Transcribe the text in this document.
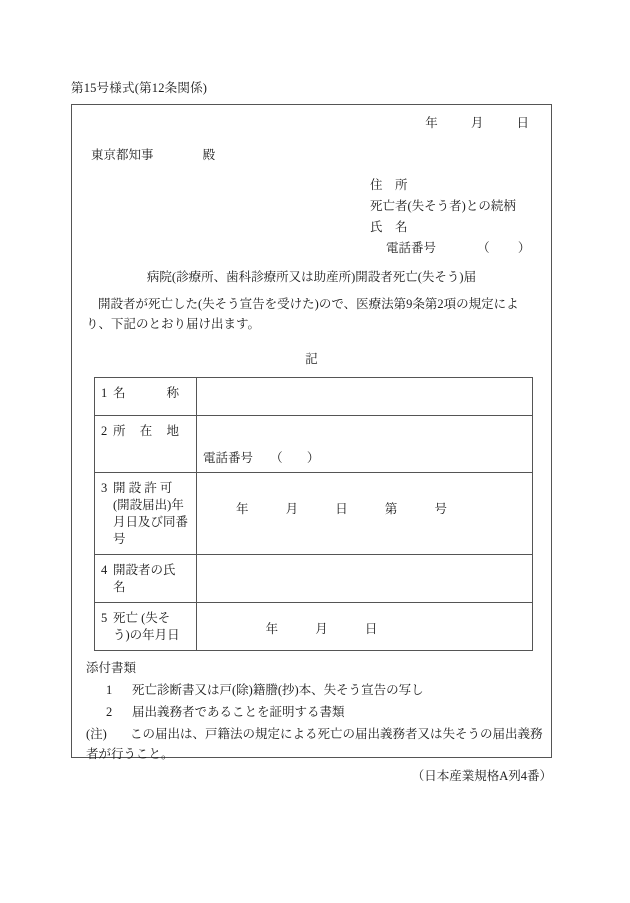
第15号様式(第12条関係)
年	月	日
東京都知事	殿
住　所
死亡者(失そう者)との続柄
氏　名
電話番号	（ ）
病院(診療所、歯科診療所又は助産所)開設者死亡(失そう)届
開設者が死亡した(失そう宣告を受けた)ので、医療法第9条第2項の規定により、下記のとおり届け出ます。
記
1 名　称	

2 所　在　地	電話番号 （ ）

3 開 設 許 可
(開設届出)年月日及び同番号	年 月 日 第 号

4 開設者の氏
名	

5 死亡 (失そ
う)の年月日	年 月 日
添付書類
1 死亡診断書又は戸(除)籍謄(抄)本、失そう宣告の写し
2 届出義務者であることを証明する書類
(注) この届出は、戸籍法の規定による死亡の届出義務者又は失そうの届出義務者が行うこと。
（日本産業規格A列4番）
